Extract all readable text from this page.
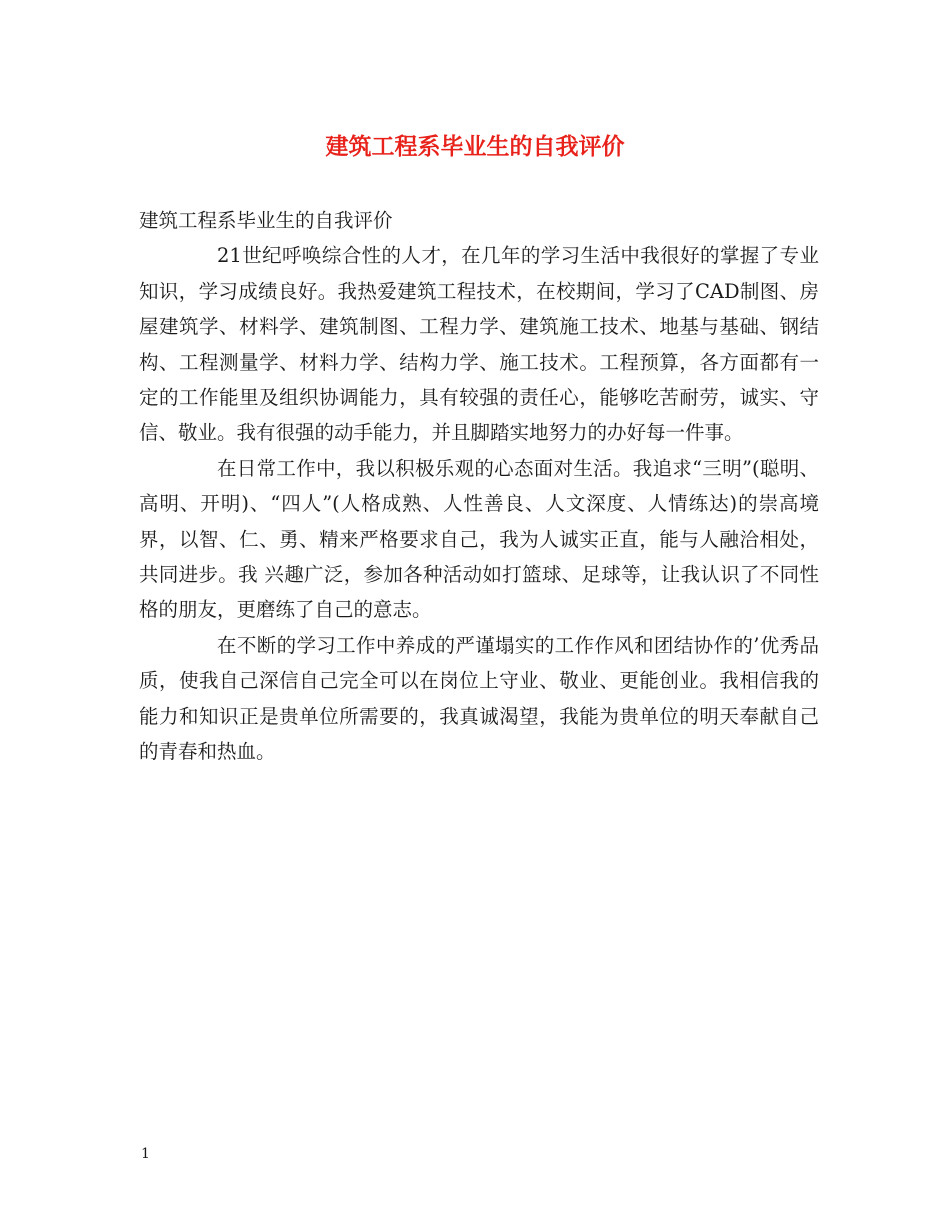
建筑工程系毕业生的自我评价

建筑工程系毕业生的自我评价

21世纪呼唤综合性的人才，在几年的学习生活中我很好的掌握了专业知识，学习成绩良好。我热爱建筑工程技术，在校期间，学习了CAD制图、房屋建筑学、材料学、建筑制图、工程力学、建筑施工技术、地基与基础、钢结构、工程测量学、材料力学、结构力学、施工技术。工程预算，各方面都有一定的工作能里及组织协调能力，具有较强的责任心，能够吃苦耐劳，诚实、守信、敬业。我有很强的动手能力，并且脚踏实地努力的办好每一件事。

在日常工作中，我以积极乐观的心态面对生活。我追求“三明”(聪明、高明、开明)、“四人”(人格成熟、人性善良、人文深度、人情练达)的崇高境界，以智、仁、勇、精来严格要求自己，我为人诚实正直，能与人融洽相处，共同进步。我 兴趣广泛，参加各种活动如打篮球、足球等，让我认识了不同性格的朋友，更磨练了自己的意志。

在不断的学习工作中养成的严谨塌实的工作作风和团结协作的’优秀品质，使我自己深信自己完全可以在岗位上守业、敬业、更能创业。我相信我的能力和知识正是贵单位所需要的，我真诚渴望，我能为贵单位的明天奉献自己的青春和热血。

1
